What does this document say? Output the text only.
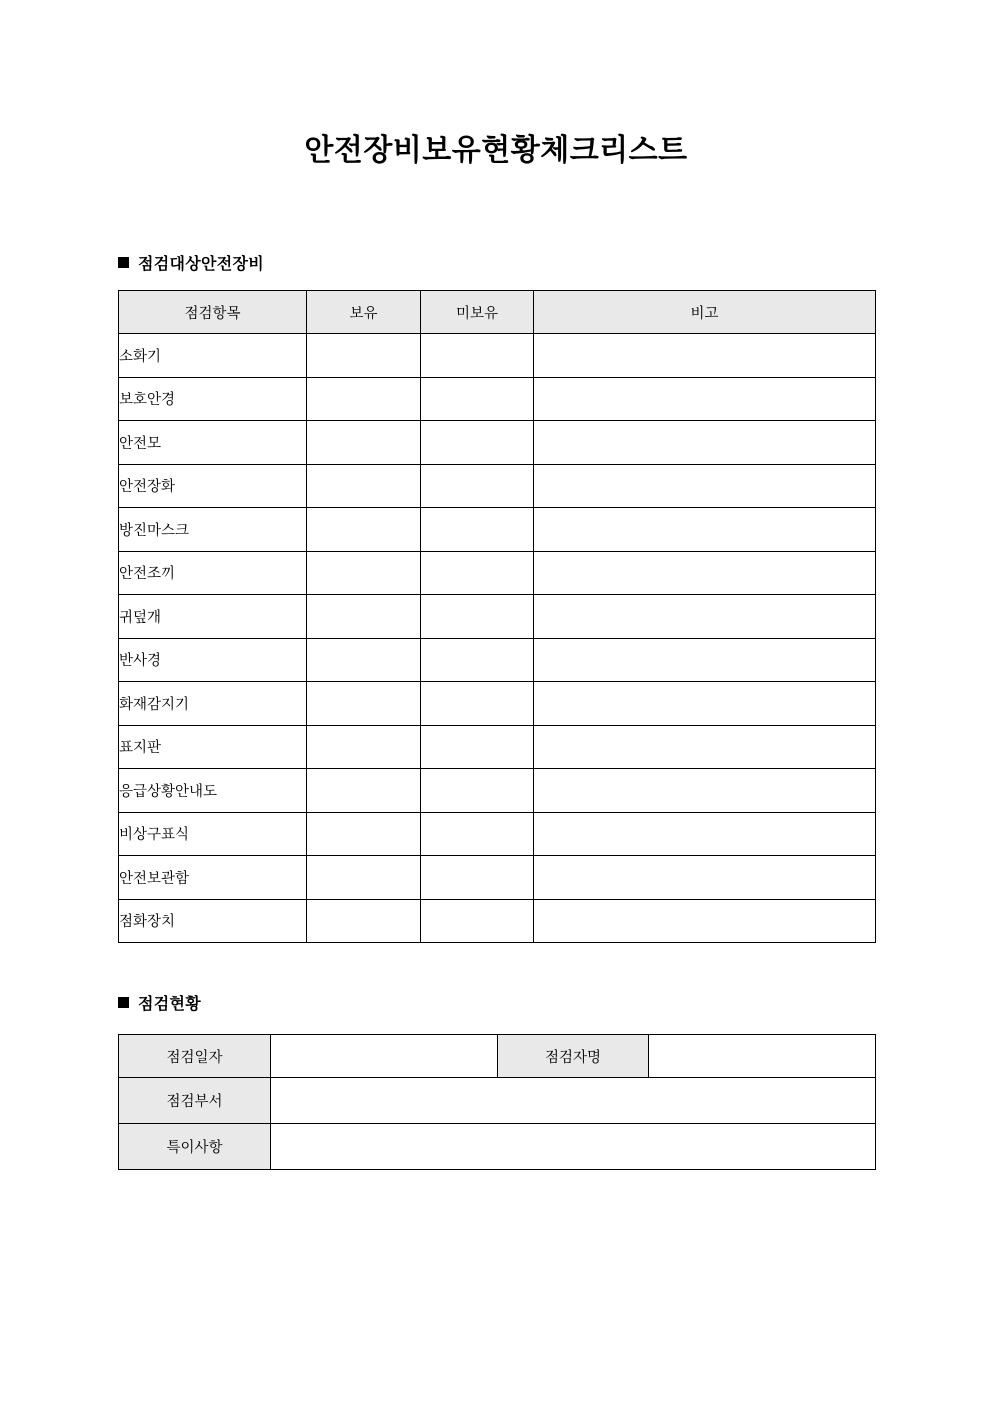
안전장비보유현황체크리스트
점검대상안전장비
점검항목	보유	미보유	비고
소화기			
보호안경			
안전모			
안전장화			
방진마스크			
안전조끼			
귀덮개			
반사경			
화재감지기			
표지판			
응급상황안내도			
비상구표식			
안전보관함			
점화장치			
점검현황
점검일자		점검자명	
점검부서			
특이사항			
